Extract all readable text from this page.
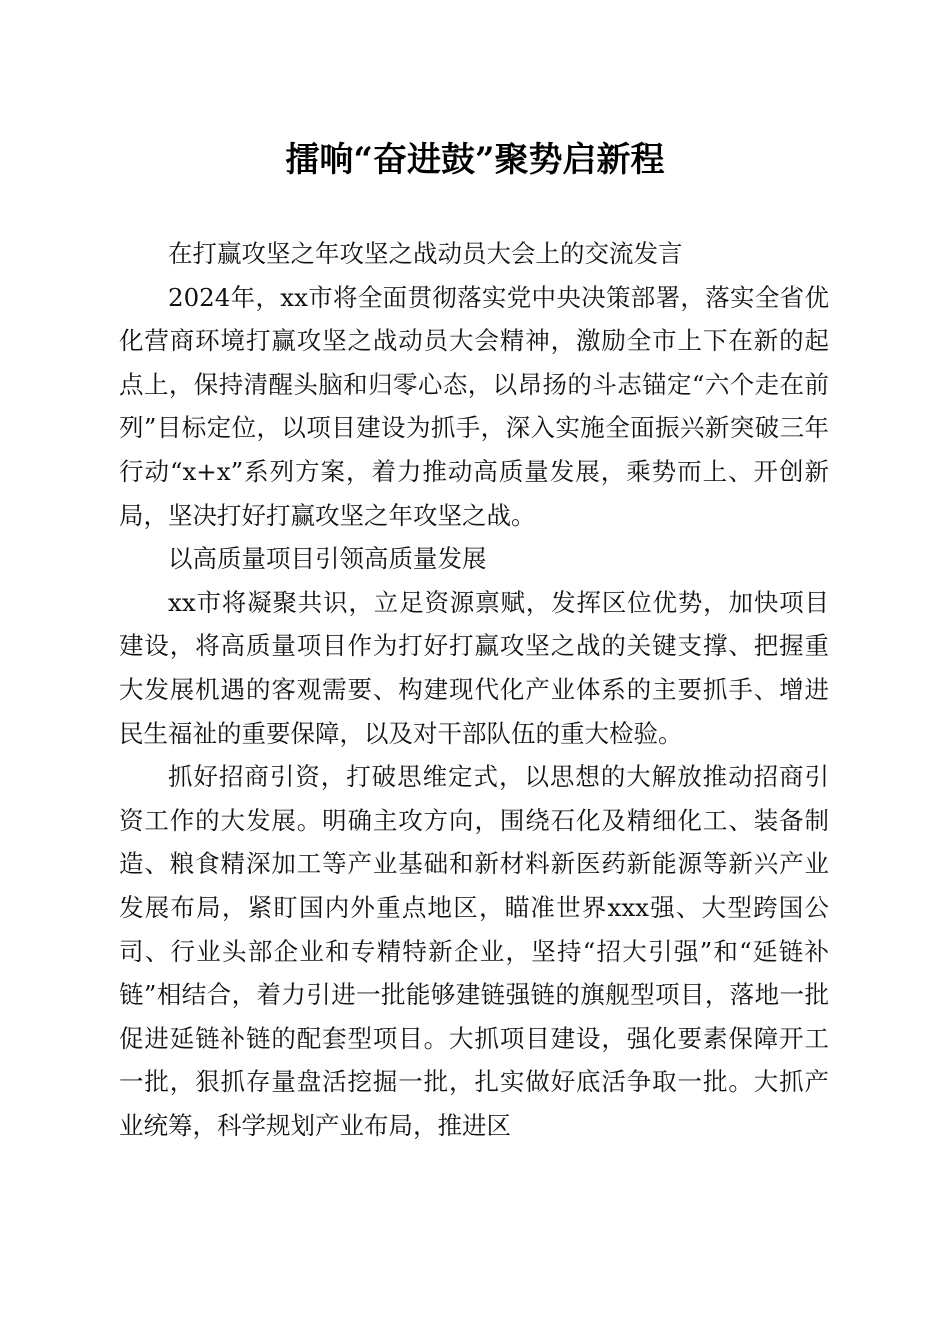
擂响“奋进鼓”聚势启新程

在打赢攻坚之年攻坚之战动员大会上的交流发言

2024年，xx市将全面贯彻落实党中央决策部署，落实全省优化营商环境打赢攻坚之战动员大会精神，激励全市上下在新的起点上，保持清醒头脑和归零心态，以昂扬的斗志锚定“六个走在前列”目标定位，以项目建设为抓手，深入实施全面振兴新突破三年行动“x+x”系列方案，着力推动高质量发展，乘势而上、开创新局，坚决打好打赢攻坚之年攻坚之战。

以高质量项目引领高质量发展

xx市将凝聚共识，立足资源禀赋，发挥区位优势，加快项目建设，将高质量项目作为打好打赢攻坚之战的关键支撑、把握重大发展机遇的客观需要、构建现代化产业体系的主要抓手、增进民生福祉的重要保障，以及对干部队伍的重大检验。

抓好招商引资，打破思维定式，以思想的大解放推动招商引资工作的大发展。明确主攻方向，围绕石化及精细化工、装备制造、粮食精深加工等产业基础和新材料新医药新能源等新兴产业发展布局，紧盯国内外重点地区，瞄准世界xxx强、大型跨国公司、行业头部企业和专精特新企业，坚持“招大引强”和“延链补链”相结合，着力引进一批能够建链强链的旗舰型项目，落地一批促进延链补链的配套型项目。大抓项目建设，强化要素保障开工一批，狠抓存量盘活挖掘一批，扎实做好底活争取一批。大抓产业统筹，科学规划产业布局，推进区
